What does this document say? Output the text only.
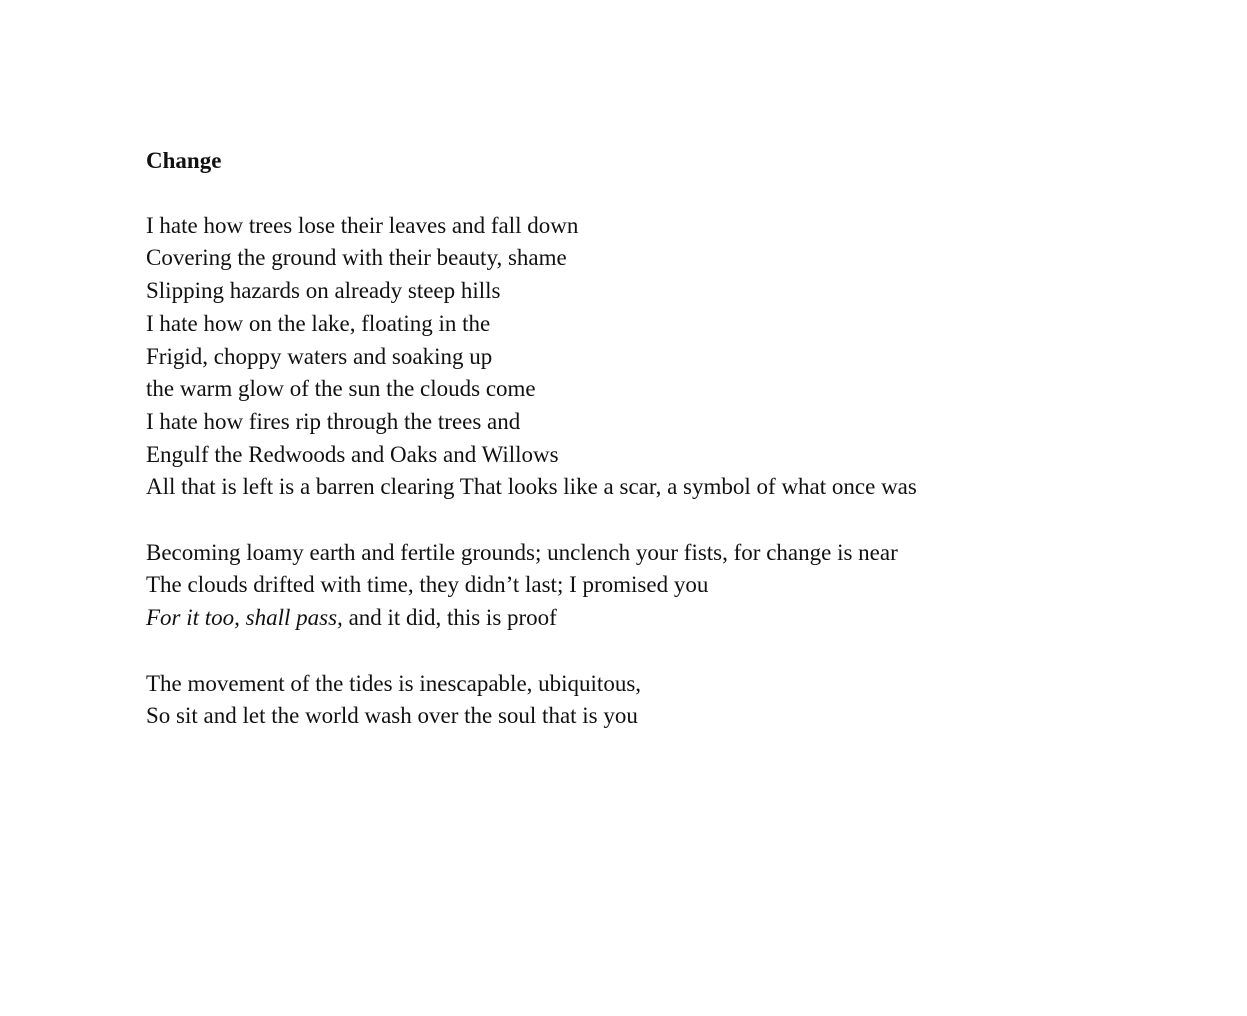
Change

I hate how trees lose their leaves and fall down
Covering the ground with their beauty, shame
Slipping hazards on already steep hills
I hate how on the lake, floating in the
Frigid, choppy waters and soaking up
the warm glow of the sun the clouds come
I hate how fires rip through the trees and
Engulf the Redwoods and Oaks and Willows
All that is left is a barren clearing That looks like a scar, a symbol of what once was

Becoming loamy earth and fertile grounds; unclench your fists, for change is near
The clouds drifted with time, they didn’t last; I promised you
For it too, shall pass, and it did, this is proof

The movement of the tides is inescapable, ubiquitous,
So sit and let the world wash over the soul that is you
